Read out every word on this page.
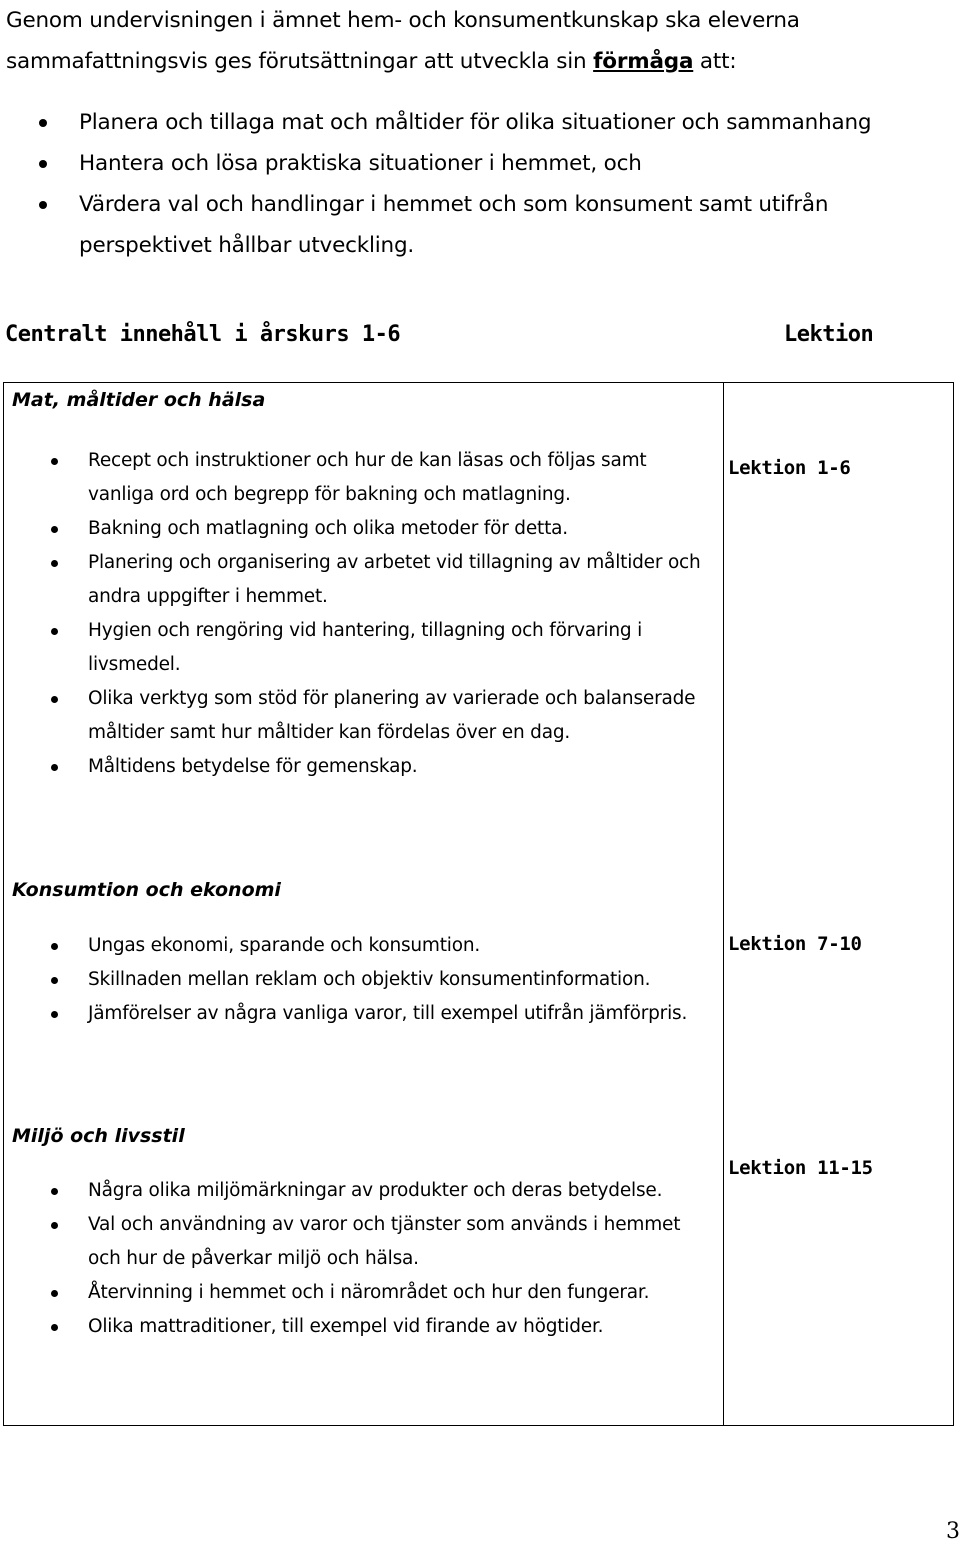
Genom undervisningen i ämnet hem- och konsumentkunskap ska eleverna sammafattningsvis ges förutsättningar att utveckla sin förmåga att:

Planera och tillaga mat och måltider för olika situationer och sammanhang
Hantera och lösa praktiska situationer i hemmet, och
Värdera val och handlingar i hemmet och som konsument samt utifrån perspektivet hållbar utveckling.
Centralt innehåll i årskurs 1-6	Lektion
Mat, måltider och hälsa
Recept och instruktioner och hur de kan läsas och följas samt vanliga ord och begrepp för bakning och matlagning.
Bakning och matlagning och olika metoder för detta.
Planering och organisering av arbetet vid tillagning av måltider och andra uppgifter i hemmet.
Hygien och rengöring vid hantering, tillagning och förvaring i livsmedel.
Olika verktyg som stöd för planering av varierade och balanserade måltider samt hur måltider kan fördelas över en dag.
Måltidens betydelse för gemenskap.
Lektion 1-6
Konsumtion och ekonomi
Ungas ekonomi, sparande och konsumtion.
Skillnaden mellan reklam och objektiv konsumentinformation.
Jämförelser av några vanliga varor, till exempel utifrån jämförpris.
Lektion 7-10
Miljö och livsstil
Några olika miljömärkningar av produkter och deras betydelse.
Val och användning av varor och tjänster som används i hemmet och hur de påverkar miljö och hälsa.
Återvinning i hemmet och i närområdet och hur den fungerar.
Olika mattraditioner, till exempel vid firande av högtider.
Lektion 11-15
3
